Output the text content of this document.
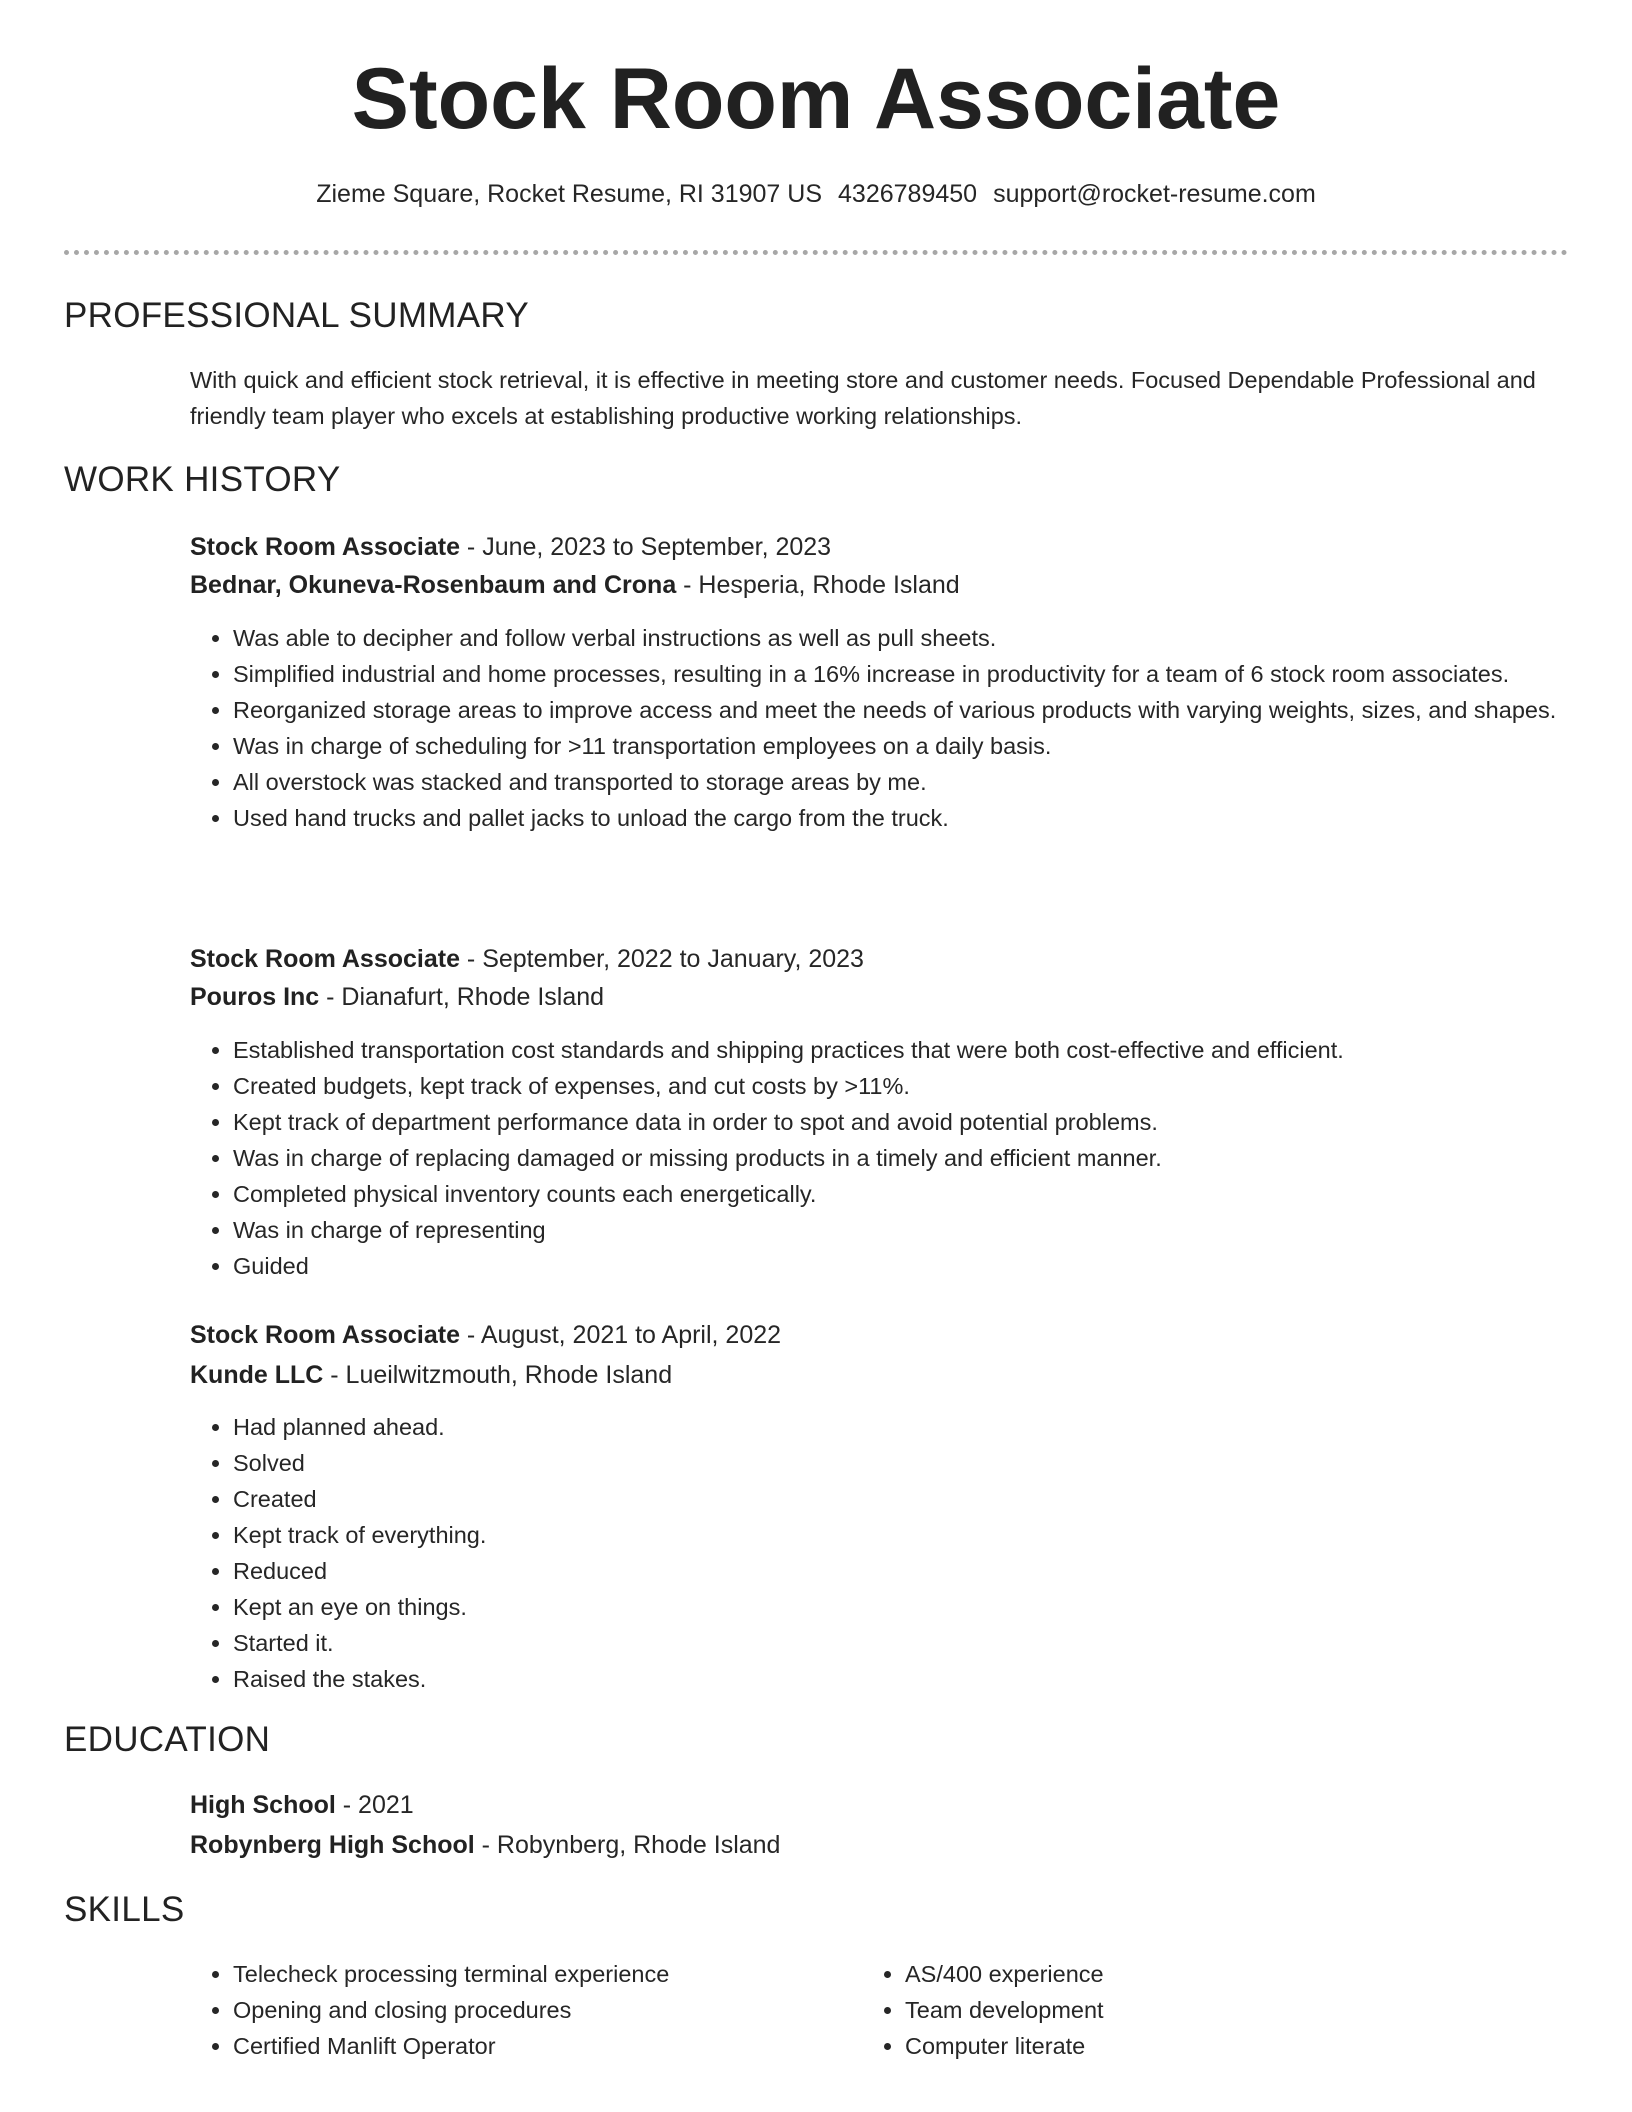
Stock Room Associate
Zieme Square, Rocket Resume, RI 31907 US 4326789450 support@rocket-resume.com
PROFESSIONAL SUMMARY
With quick and efficient stock retrieval, it is effective in meeting store and customer needs. Focused Dependable Professional and friendly team player who excels at establishing productive working relationships.
WORK HISTORY
Stock Room Associate - June, 2023 to September, 2023
Bednar, Okuneva-Rosenbaum and Crona - Hesperia, Rhode Island
• Was able to decipher and follow verbal instructions as well as pull sheets.
• Simplified industrial and home processes, resulting in a 16% increase in productivity for a team of 6 stock room associates.
• Reorganized storage areas to improve access and meet the needs of various products with varying weights, sizes, and shapes.
• Was in charge of scheduling for >11 transportation employees on a daily basis.
• All overstock was stacked and transported to storage areas by me.
• Used hand trucks and pallet jacks to unload the cargo from the truck.
Stock Room Associate - September, 2022 to January, 2023
Pouros Inc - Dianafurt, Rhode Island
• Established transportation cost standards and shipping practices that were both cost-effective and efficient.
• Created budgets, kept track of expenses, and cut costs by >11%.
• Kept track of department performance data in order to spot and avoid potential problems.
• Was in charge of replacing damaged or missing products in a timely and efficient manner.
• Completed physical inventory counts each energetically.
• Was in charge of representing
• Guided
Stock Room Associate - August, 2021 to April, 2022
Kunde LLC - Lueilwitzmouth, Rhode Island
• Had planned ahead.
• Solved
• Created
• Kept track of everything.
• Reduced
• Kept an eye on things.
• Started it.
• Raised the stakes.
EDUCATION
High School - 2021
Robynberg High School - Robynberg, Rhode Island
SKILLS
• Telecheck processing terminal experience
• Opening and closing procedures
• Certified Manlift Operator
• AS/400 experience
• Team development
• Computer literate
